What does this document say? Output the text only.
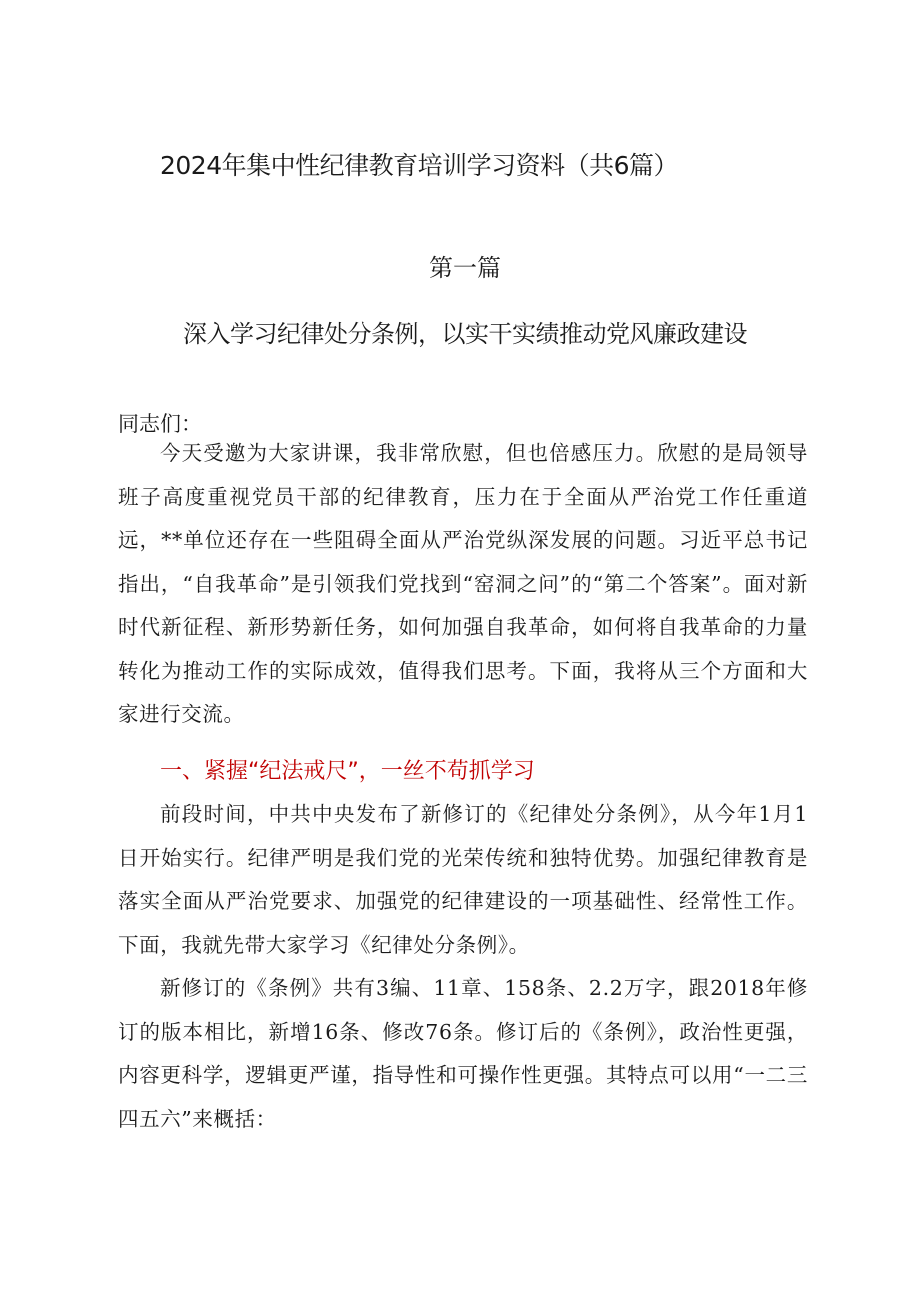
2024年集中性纪律教育培训学习资料（共6篇）
第一篇
深入学习纪律处分条例，以实干实绩推动党风廉政建设
同志们：

今天受邀为大家讲课，我非常欣慰，但也倍感压力。欣慰的是局领导班子高度重视党员干部的纪律教育，压力在于全面从严治党工作任重道远，**单位还存在一些阻碍全面从严治党纵深发展的问题。习近平总书记指出，“自我革命”是引领我们党找到“窑洞之问”的“第二个答案”。面对新时代新征程、新形势新任务，如何加强自我革命，如何将自我革命的力量转化为推动工作的实际成效，值得我们思考。下面，我将从三个方面和大家进行交流。

一、紧握“纪法戒尺”，一丝不苟抓学习

前段时间，中共中央发布了新修订的《纪律处分条例》，从今年1月1日开始实行。纪律严明是我们党的光荣传统和独特优势。加强纪律教育是落实全面从严治党要求、加强党的纪律建设的一项基础性、经常性工作。下面，我就先带大家学习《纪律处分条例》。

新修订的《条例》共有3编、11章、158条、2.2万字，跟2018年修订的版本相比，新增16条、修改76条。修订后的《条例》，政治性更强，内容更科学，逻辑更严谨，指导性和可操作性更强。其特点可以用“一二三四五六”来概括：
